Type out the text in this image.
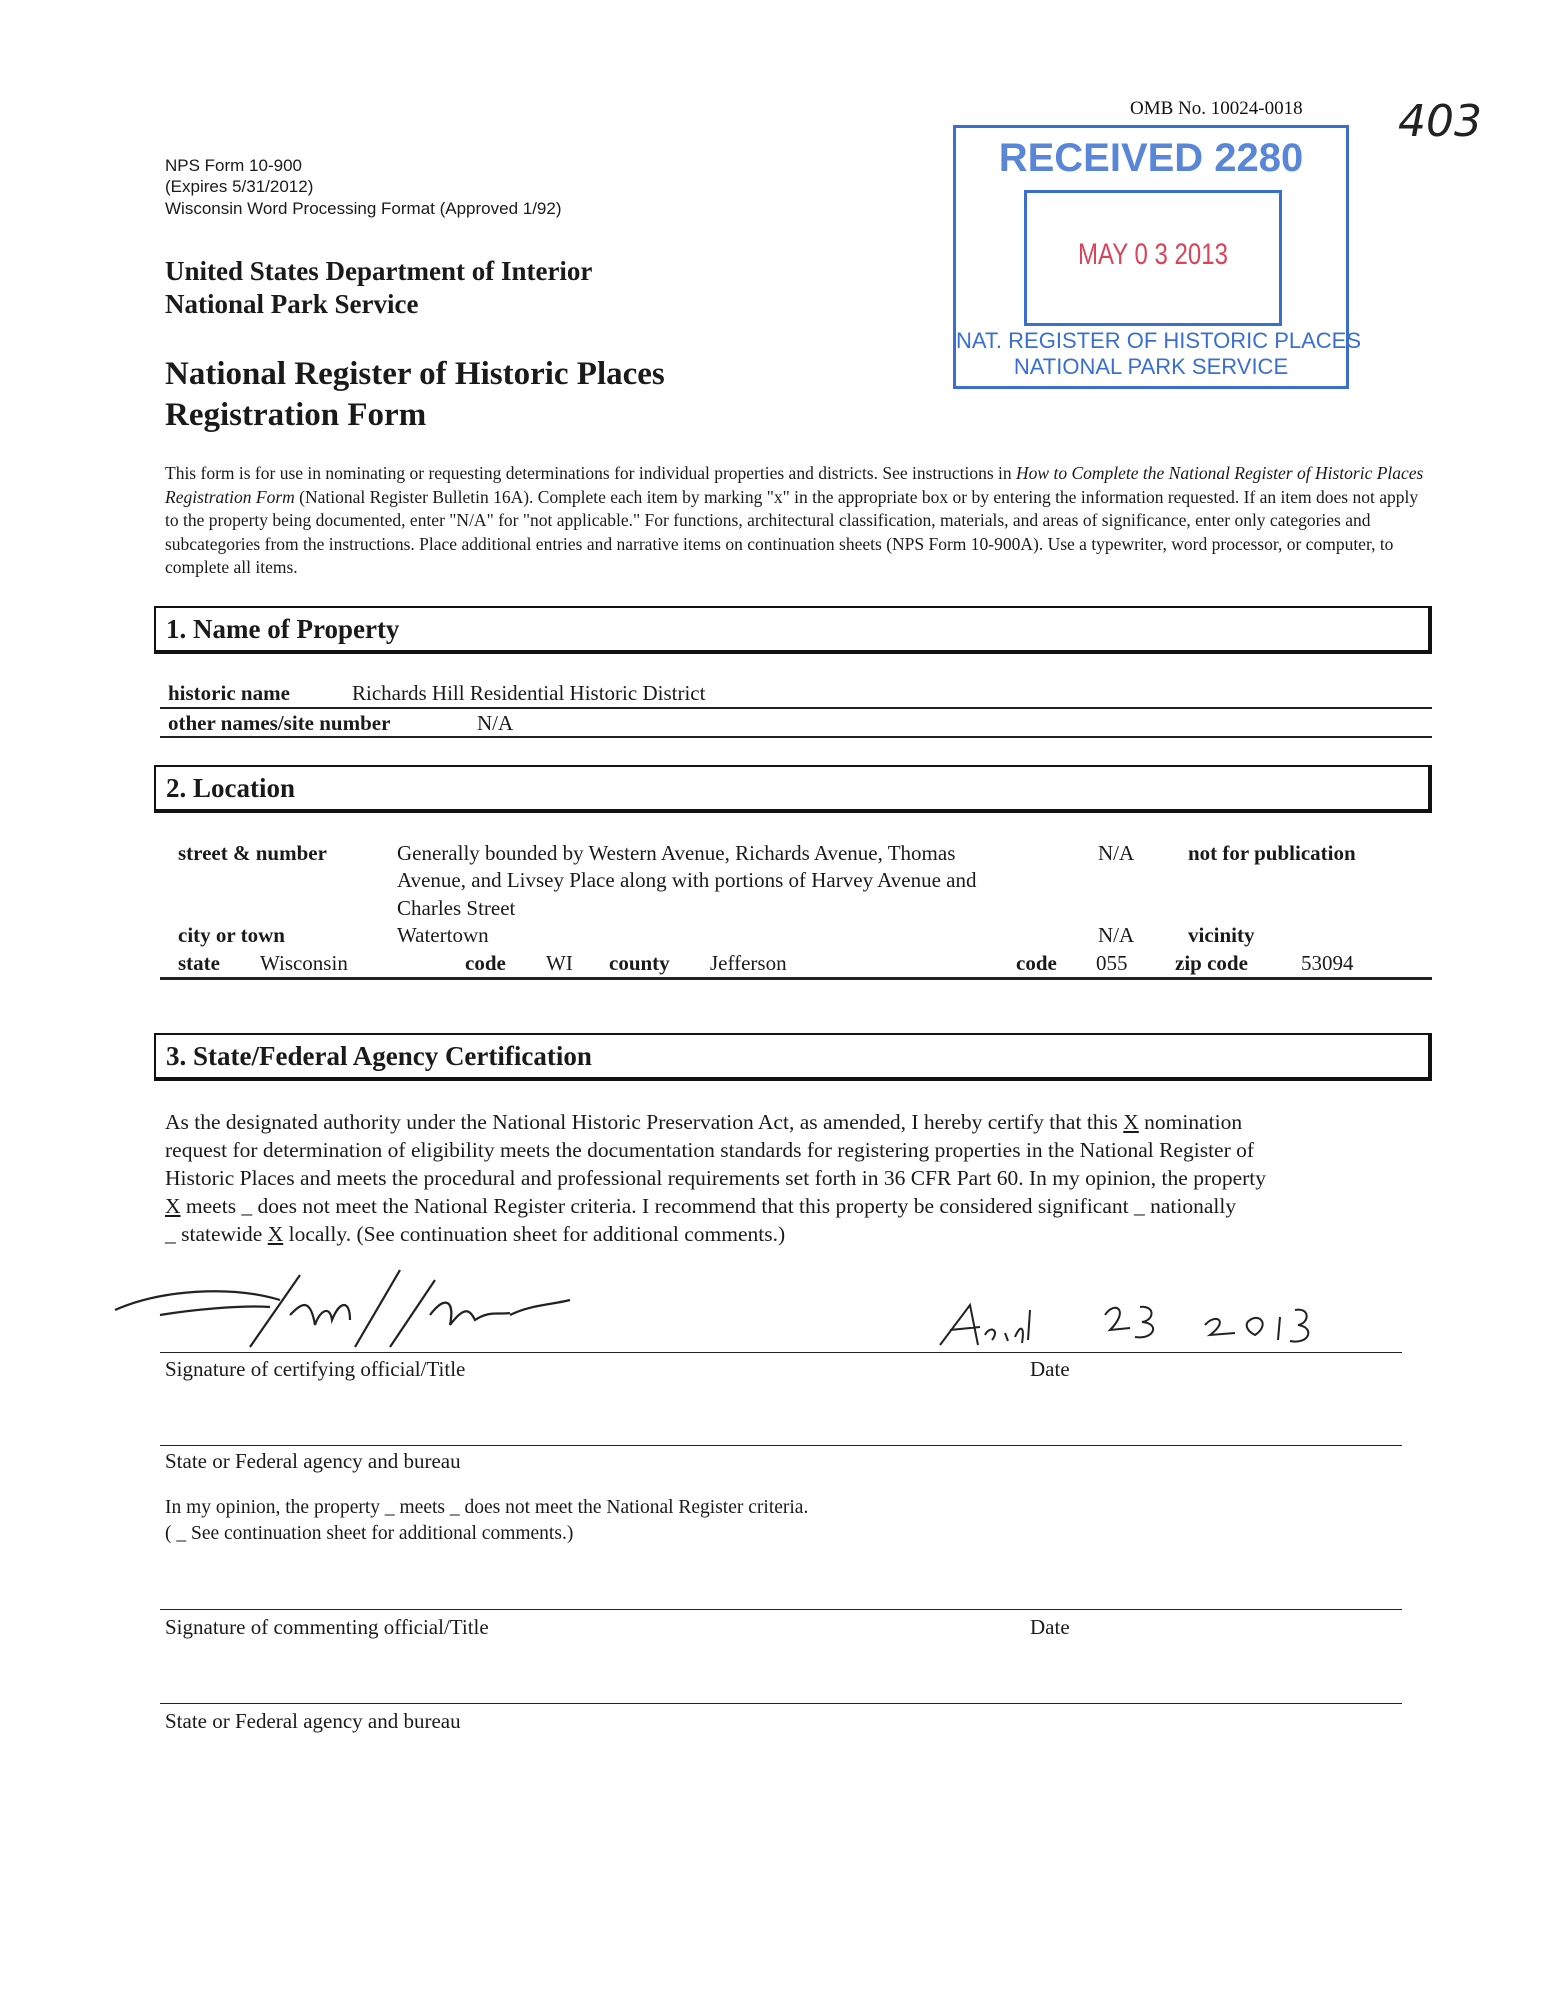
NPS Form 10-900
(Expires 5/31/2012)
Wisconsin Word Processing Format (Approved 1/92)
United States Department of Interior
National Park Service
National Register of Historic Places
Registration Form
OMB No. 10024-0018
RECEIVED 2280
MAY 0 3 2013
NAT. REGISTER OF HISTORIC PLACES
NATIONAL PARK SERVICE
403
This form is for use in nominating or requesting determinations for individual properties and districts. See instructions in How to Complete the National Register of Historic Places Registration Form (National Register Bulletin 16A). Complete each item by marking "x" in the appropriate box or by entering the information requested. If an item does not apply to the property being documented, enter "N/A" for "not applicable." For functions, architectural classification, materials, and areas of significance, enter only categories and subcategories from the instructions. Place additional entries and narrative items on continuation sheets (NPS Form 10-900A). Use a typewriter, word processor, or computer, to complete all items.
1. Name of Property
historic name	Richards Hill Residential Historic District
other names/site number	N/A
2. Location
street & number	Generally bounded by Western Avenue, Richards Avenue, Thomas
Avenue, and Livsey Place along with portions of Harvey Avenue and
Charles Street
N/A	not for publication
city or town	Watertown	N/A	vicinity
state Wisconsin	code WI county Jefferson	code 055 zip code	53094
3. State/Federal Agency Certification
As the designated authority under the National Historic Preservation Act, as amended, I hereby certify that this X nomination
request for determination of eligibility meets the documentation standards for registering properties in the National Register of
Historic Places and meets the procedural and professional requirements set forth in 36 CFR Part 60. In my opinion, the property
X meets _ does not meet the National Register criteria. I recommend that this property be considered significant _ nationally
_ statewide X locally. (See continuation sheet for additional comments.)
Signature of certifying official/Title	Date
State or Federal agency and bureau
In my opinion, the property _ meets _ does not meet the National Register criteria.
( _ See continuation sheet for additional comments.)
Signature of commenting official/Title	Date
State or Federal agency and bureau
